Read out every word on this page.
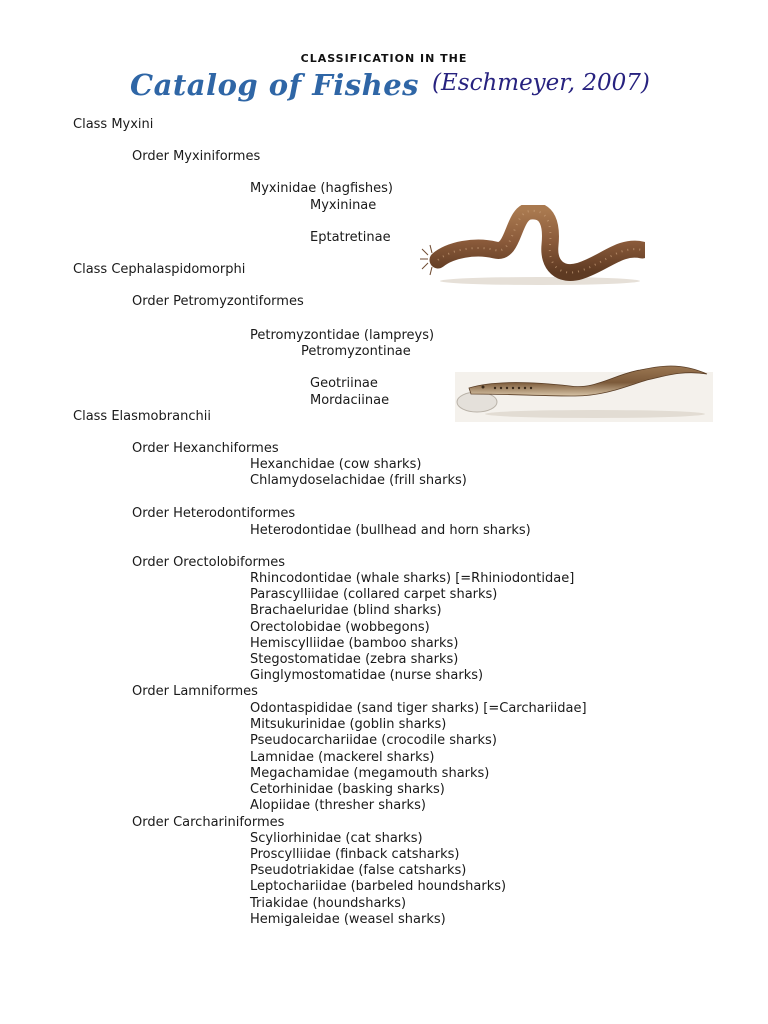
CLASSIFICATION IN THE
Catalog of Fishes (Eschmeyer, 2007)
Class Myxini
Order Myxiniformes
Myxinidae (hagfishes)
Myxininae
Eptatretinae
Class Cephalaspidomorphi
Order Petromyzontiformes
Petromyzontidae (lampreys)
Petromyzontinae
Geotriinae
Mordaciinae
Class Elasmobranchii
Order Hexanchiformes
Hexanchidae (cow sharks)
Chlamydoselachidae (frill sharks)
Order Heterodontiformes
Heterodontidae (bullhead and horn sharks)
Order Orectolobiformes
Rhincodontidae (whale sharks) [=Rhiniodontidae]
Parascylliidae (collared carpet sharks)
Brachaeluridae (blind sharks)
Orectolobidae (wobbegons)
Hemiscylliidae (bamboo sharks)
Stegostomatidae (zebra sharks)
Ginglymostomatidae (nurse sharks)
Order Lamniformes
Odontaspididae (sand tiger sharks) [=Carchariidae]
Mitsukurinidae (goblin sharks)
Pseudocarchariidae (crocodile sharks)
Lamnidae (mackerel sharks)
Megachamidae (megamouth sharks)
Cetorhinidae (basking sharks)
Alopiidae (thresher sharks)
Order Carchariniformes
Scyliorhinidae (cat sharks)
Proscylliidae (finback catsharks)
Pseudotriakidae (false catsharks)
Leptochariidae (barbeled houndsharks)
Triakidae (houndsharks)
Hemigaleidae (weasel sharks)
